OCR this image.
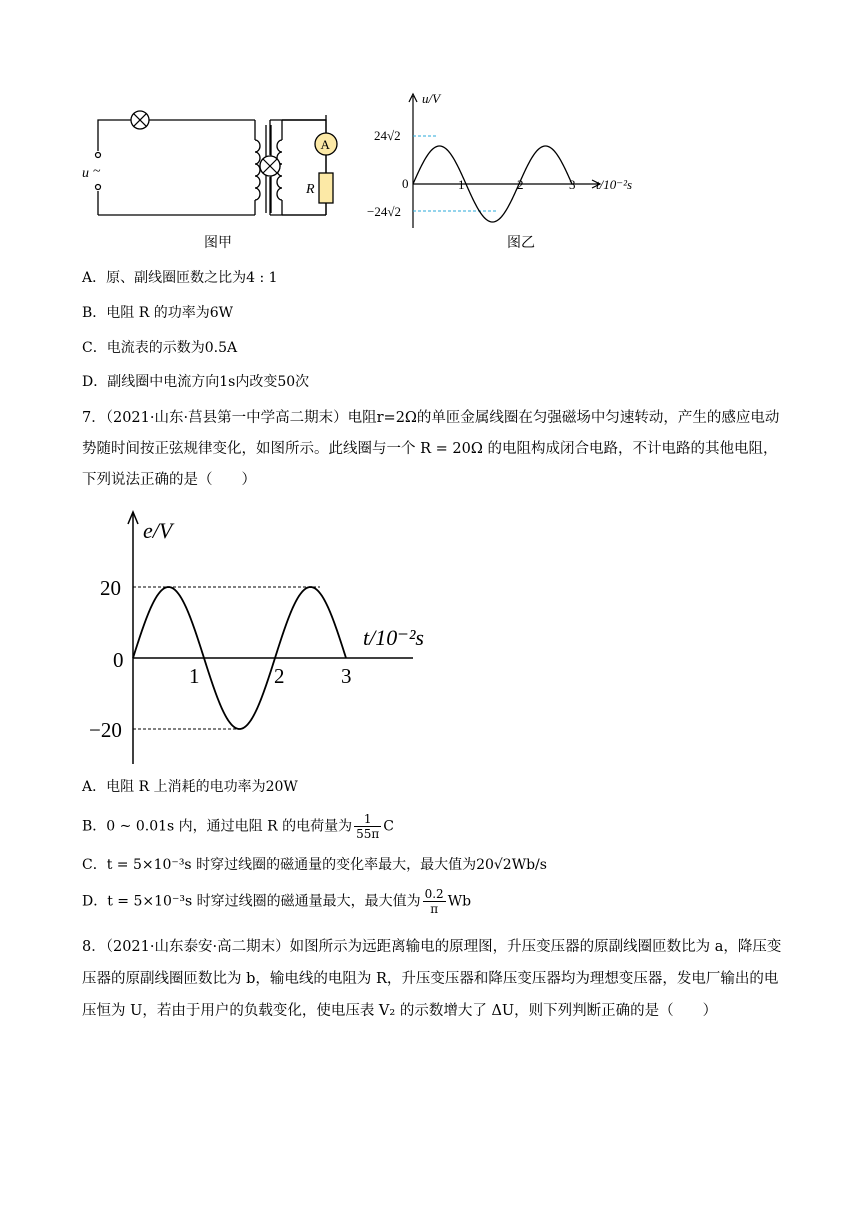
u ~
A
R
图甲
u/V
24√2
−24√2
0	1	2	3 t/10⁻²s
图乙
A．原、副线圈匝数之比为4 : 1
B．电阻 R 的功率为6W
C．电流表的示数为0.5A
D．副线圈中电流方向1s内改变50次
7．（2021·山东·莒县第一中学高二期末）电阻r=2Ω的单匝金属线圈在匀强磁场中匀速转动，产生的感应电动势随时间按正弦规律变化，如图所示。此线圈与一个 R = 20Ω 的电阻构成闭合电路，不计电路的其他电阻，下列说法正确的是（　　）
e/V
20
0
−20
1	2	3
t/10⁻²s
A．电阻 R 上消耗的电功率为20W
B．0 ~ 0.01s 内，通过电阻 R 的电荷量为 $\frac{1}{55\pi}$ C
C．t = 5×10⁻³s 时穿过线圈的磁通量的变化率最大，最大值为20√2Wb/s
D．t = 5×10⁻³s 时穿过线圈的磁通量最大，最大值为 $\frac{0.2}{\pi}$ Wb
8．（2021·山东泰安·高二期末）如图所示为远距离输电的原理图，升压变压器的原副线圈匝数比为 a，降压变压器的原副线圈匝数比为 b，输电线的电阻为 R，升压变压器和降压变压器均为理想变压器，发电厂输出的电压恒为 U，若由于用户的负载变化，使电压表 V₂ 的示数增大了 ΔU，则下列判断正确的是（　　）
